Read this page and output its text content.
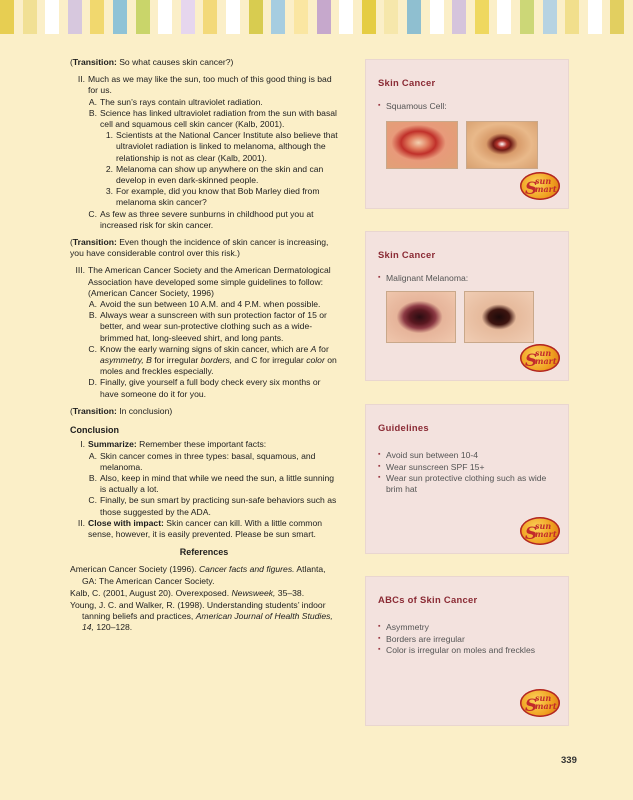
(Transition: So what causes skin cancer?)

II. Much as we may like the sun, too much of this good thing is bad for us.
A. The sun’s rays contain ultraviolet radiation.
B. Science has linked ultraviolet radiation from the sun with basal cell and squamous cell skin cancer (Kalb, 2001).
1. Scientists at the National Cancer Institute also believe that ultraviolet radiation is linked to melanoma, although the relationship is not as clear (Kalb, 2001).
2. Melanoma can show up anywhere on the skin and can develop in even dark-skinned people.
3. For example, did you know that Bob Marley died from melanoma skin cancer?
C. As few as three severe sunburns in childhood put you at increased risk for skin cancer.

(Transition: Even though the incidence of skin cancer is increasing, you have considerable control over this risk.)

III. The American Cancer Society and the American Dermatological Association have developed some simple guidelines to follow: (American Cancer Society, 1996)
A. Avoid the sun between 10 A.M. and 4 P.M. when possible.
B. Always wear a sunscreen with sun protection factor of 15 or better, and wear sun-protective clothing such as a wide-brimmed hat, long-sleeved shirt, and long pants.
C. Know the early warning signs of skin cancer, which are A for asymmetry, B for irregular borders, and C for irregular color on moles and freckles especially.
D. Finally, give yourself a full body check every six months or have someone do it for you.

(Transition: In conclusion)

Conclusion
I. Summarize: Remember these important facts:
A. Skin cancer comes in three types: basal, squamous, and melanoma.
B. Also, keep in mind that while we need the sun, a little sunning is actually a lot.
C. Finally, be sun smart by practicing sun-safe behaviors such as those suggested by the ADA.
II. Close with impact: Skin cancer can kill. With a little common sense, however, it is easily prevented. Please be sun smart.
References

American Cancer Society (1996). Cancer facts and figures. Atlanta, GA: The American Cancer Society.

Kalb, C. (2001, August 20). Overexposed. Newsweek, 35–38.

Young, J. C. and Walker, R. (1998). Understanding students’ indoor tanning beliefs and practices, American Journal of Health Studies, 14, 120–128.

Skin Cancer
▪ Squamous Cell:
S
sun
mart
Skin Cancer
▪ Malignant Melanoma:
S
sun
mart
Guidelines
▪ Avoid sun between 10-4
▪ Wear sunscreen SPF 15+
▪ Wear sun protective clothing such as wide brim hat
S
sun
mart
ABCs of Skin Cancer
▪ Asymmetry
▪ Borders are irregular
▪ Color is irregular on moles and freckles
S
sun
mart
339
